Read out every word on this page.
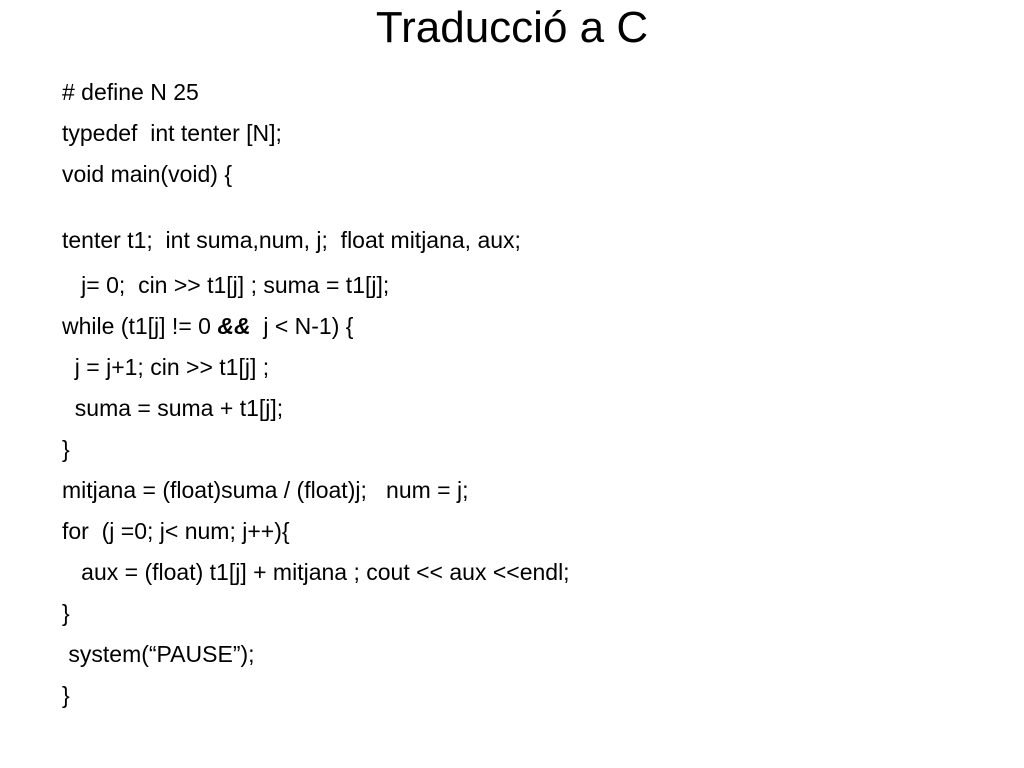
Traducció a C

# define N 25

typedef  int tenter [N];

void main(void) {

tenter t1;  int suma,num, j;  float mitjana, aux;

j= 0;  cin >> t1[j] ; suma = t1[j];

while (t1[j] != 0 &&  j < N-1) {

j = j+1; cin >> t1[j] ;

suma = suma + t1[j];

}

mitjana = (float)suma / (float)j;   num = j;

for  (j =0; j< num; j++){

aux = (float) t1[j] + mitjana ; cout << aux <<endl;

}

system(“PAUSE”);

}
